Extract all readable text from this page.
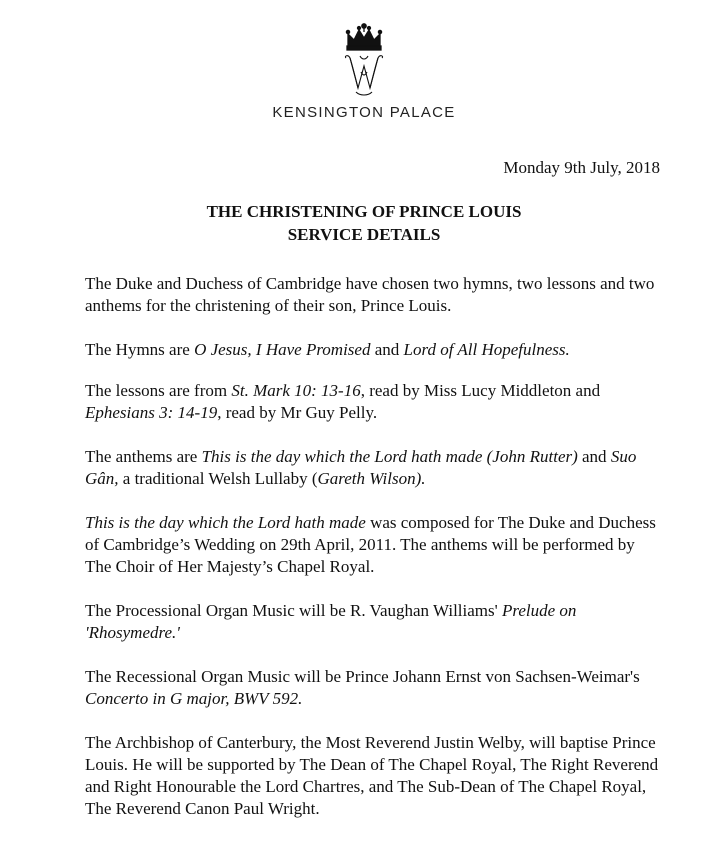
KENSINGTON PALACE
Monday 9th July, 2018
THE CHRISTENING OF PRINCE LOUIS
SERVICE DETAILS

The Duke and Duchess of Cambridge have chosen two hymns, two lessons and two anthems for the christening of their son, Prince Louis.

The Hymns are O Jesus, I Have Promised and Lord of All Hopefulness.

The lessons are from St. Mark 10: 13-16, read by Miss Lucy Middleton and Ephesians 3: 14-19, read by Mr Guy Pelly.

The anthems are This is the day which the Lord hath made (John Rutter) and Suo Gân, a traditional Welsh Lullaby (Gareth Wilson).

This is the day which the Lord hath made was composed for The Duke and Duchess of Cambridge’s Wedding on 29th April, 2011. The anthems will be performed by The Choir of Her Majesty’s Chapel Royal.

The Processional Organ Music will be R. Vaughan Williams' Prelude on 'Rhosymedre.'

The Recessional Organ Music will be Prince Johann Ernst von Sachsen-Weimar's Concerto in G major, BWV 592.

The Archbishop of Canterbury, the Most Reverend Justin Welby, will baptise Prince Louis. He will be supported by The Dean of The Chapel Royal, The Right Reverend and Right Honourable the Lord Chartres, and The Sub-Dean of The Chapel Royal, The Reverend Canon Paul Wright.
